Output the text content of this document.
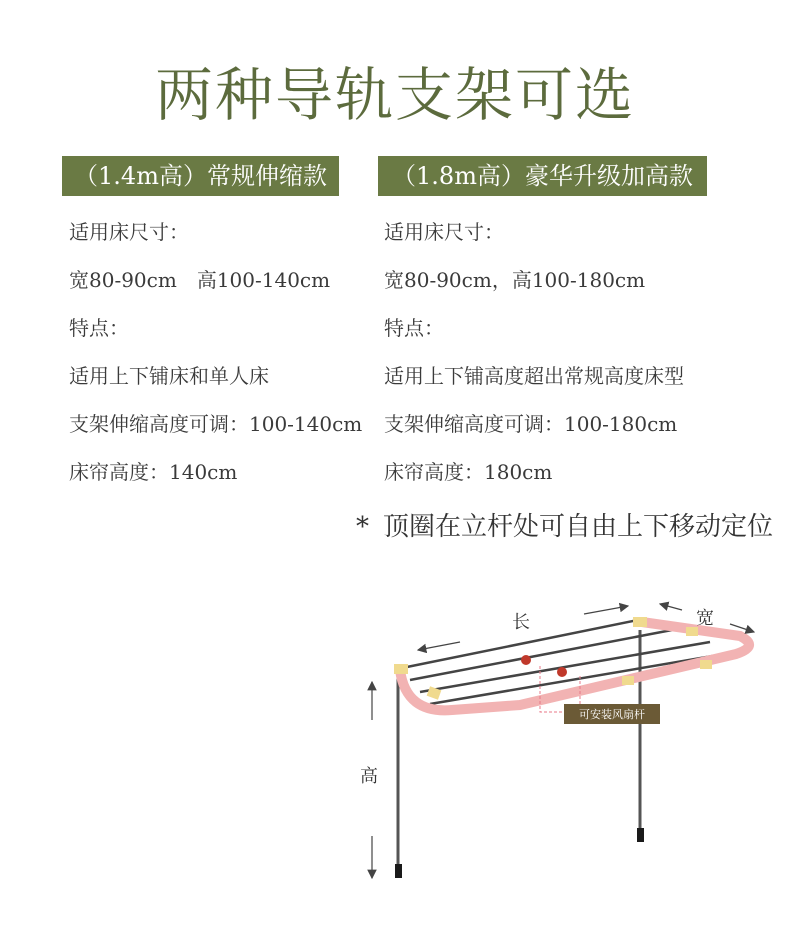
两种导轨支架可选
（1.4m高）常规伸缩款	（1.8m高）豪华升级加高款
适用床尺寸：
宽80-90cm　高100-140cm
特点：
适用上下铺床和单人床
支架伸缩高度可调：100-140cm
床帘高度：140cm
适用床尺寸：
宽80-90cm，高100-180cm
特点：
适用上下铺高度超出常规高度床型
支架伸缩高度可调：100-180cm
床帘高度：180cm
* 顶圈在立杆处可自由上下移动定位
可安装风扇杆
长	宽
高
